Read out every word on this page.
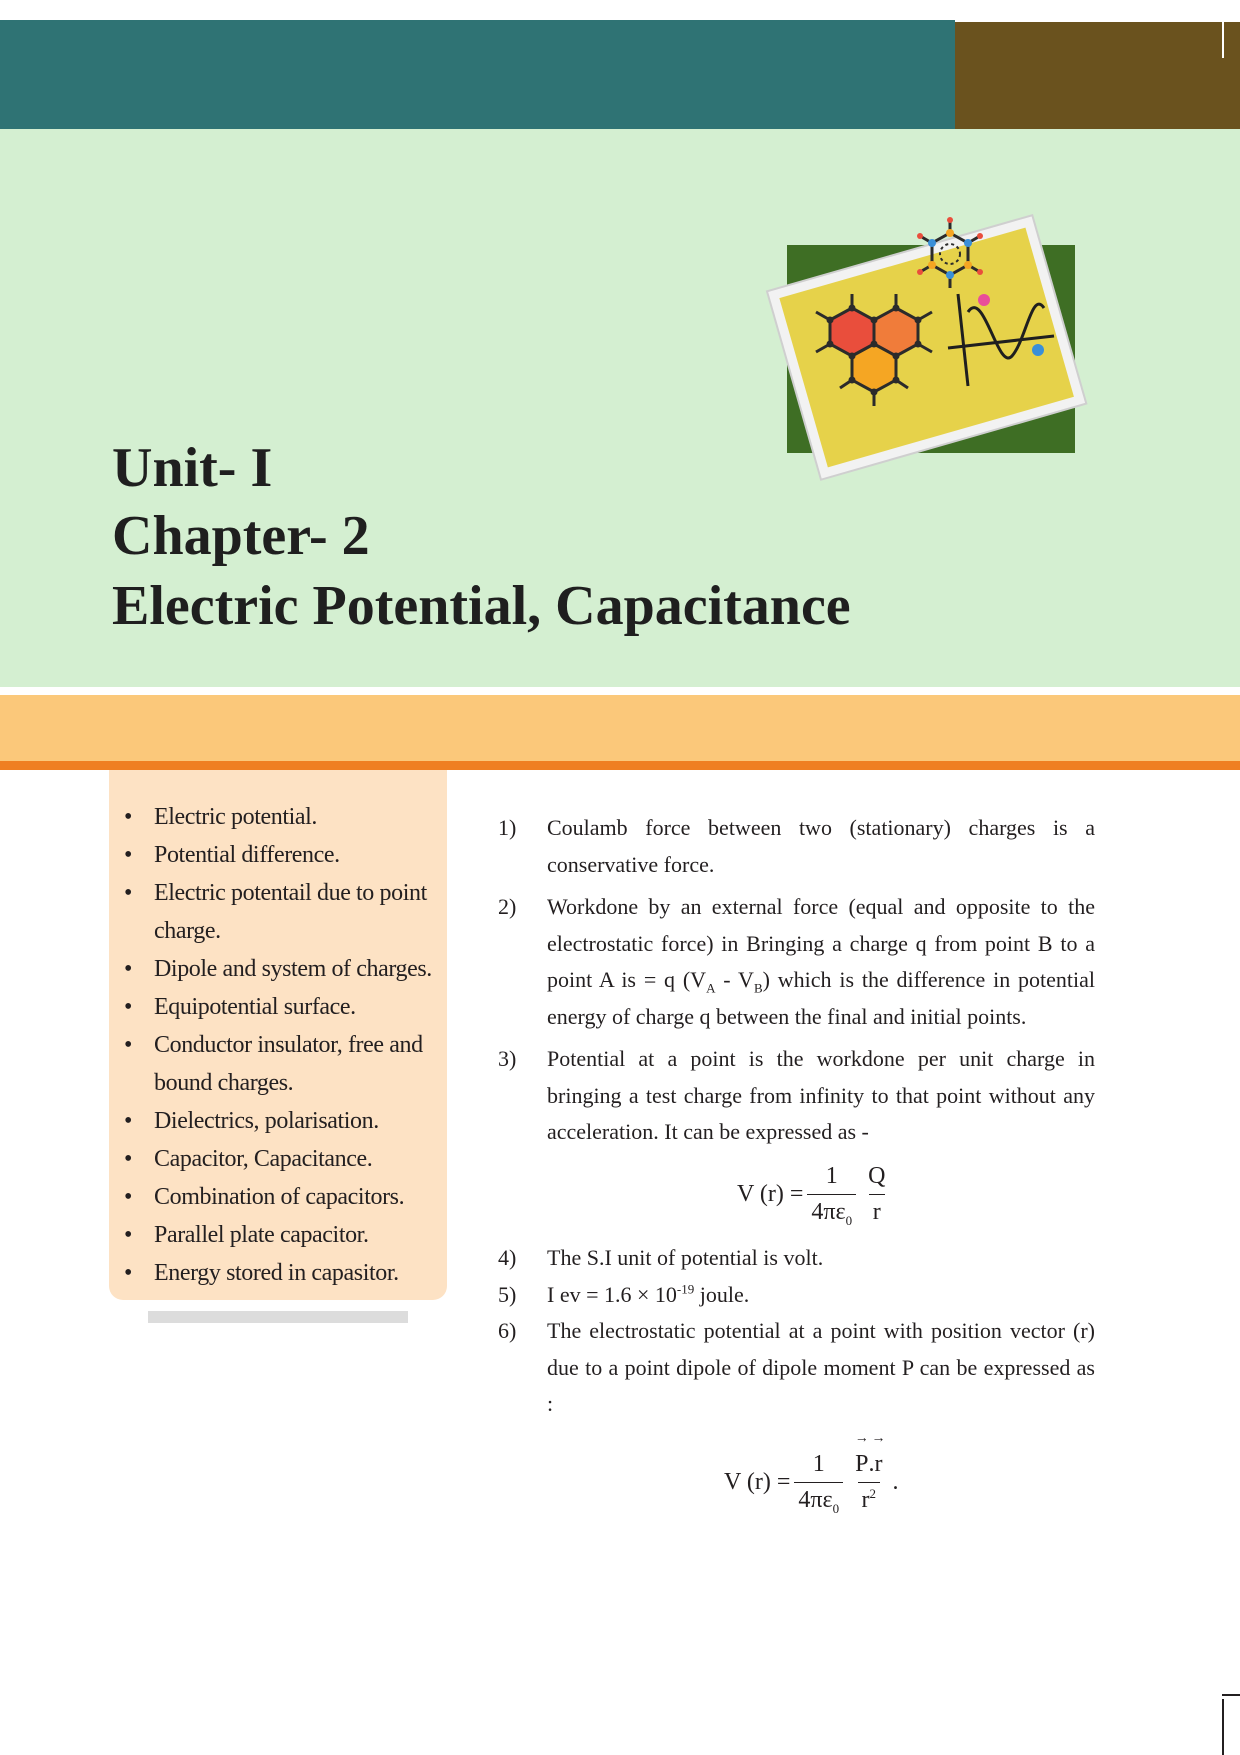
Unit- I
Chapter- 2
Electric Potential, Capacitance
• Electric potential.
• Potential difference.
• Electric potentail due to point charge.
• Dipole and system of charges.
• Equipotential surface.
• Conductor insulator, free and bound charges.
• Dielectrics, polarisation.
• Capacitor, Capacitance.
• Combination of capacitors.
• Parallel plate capacitor.
• Energy stored in capasitor.
1) Coulamb force between two (stationary) charges is a conservative force.
2) Workdone by an external force (equal and opposite to the electrostatic force) in Bringing a charge q from point B to a point A is = q $(V_A - V_B)$ which is the difference in potential energy of charge q between the final and initial points.
3) Potential at a point is the workdone per unit charge in bringing a test charge from infinity to that point without any acceleration. It can be expressed as -
V $(r) = \frac{1}{4\pi\varepsilon_0} \frac{Q}{r}$
4) The S.I unit of potential is volt.
5) I ev = $1.6 \times 10^{-19}$ joule.
6) The electrostatic potential at a point with position vector (r) due to a point dipole of dipole moment P can be expressed as :
V $(r) = \frac{1}{4\pi\varepsilon_0}$
→ $\frac{P.\to r}{r^2}$ .
